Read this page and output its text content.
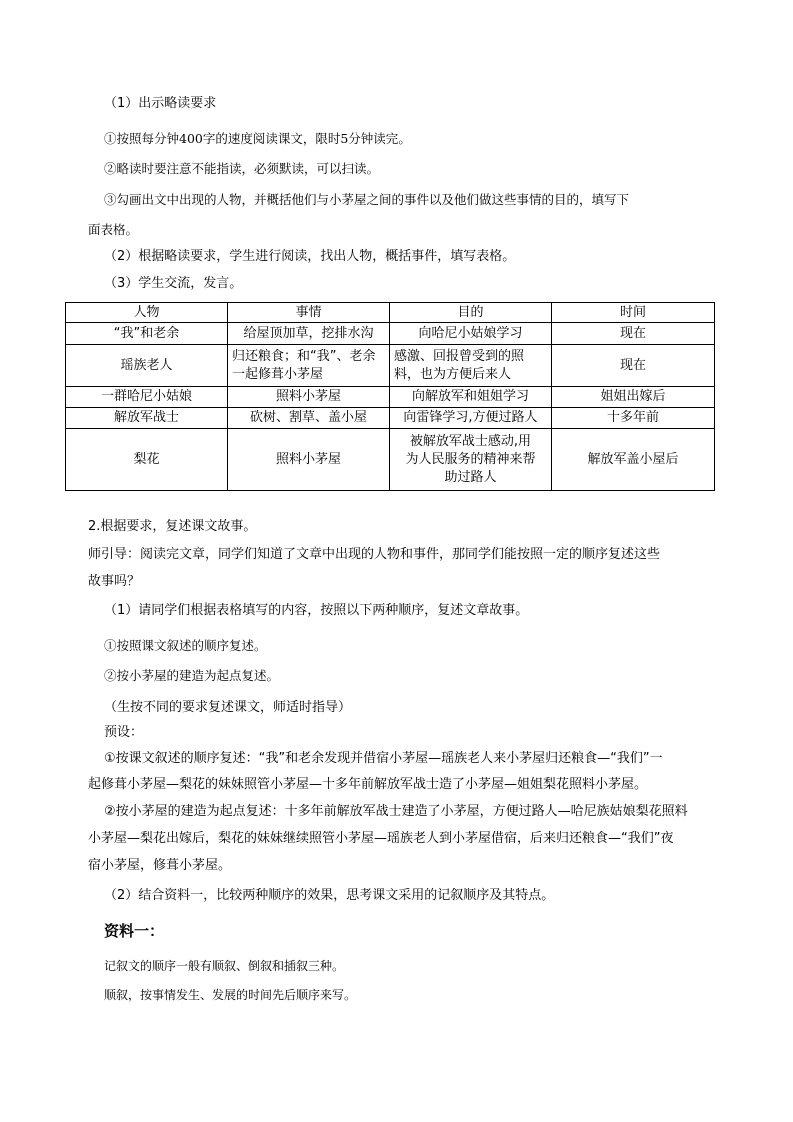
（1）出示略读要求
①按照每分钟400字的速度阅读课文，限时5分钟读完。
②略读时要注意不能指读，必须默读，可以扫读。
③勾画出文中出现的人物，并概括他们与小茅屋之间的事件以及他们做这些事情的目的，填写下
面表格。
（2）根据略读要求，学生进行阅读，找出人物，概括事件，填写表格。
（3）学生交流，发言。
人物	事情	目的	时间
“我”和老余	给屋顶加草，挖排水沟	向哈尼小姑娘学习	现在
瑶族老人	归还粮食；和“我”、老余一起修葺小茅屋	感激、回报曾受到的照料，也为方便后来人	现在
一群哈尼小姑娘	照料小茅屋	向解放军和姐姐学习	姐姐出嫁后
解放军战士	砍树、割草、盖小屋	向雷锋学习,方便过路人	十多年前
梨花	照料小茅屋	被解放军战士感动,用为人民服务的精神来帮助过路人	解放军盖小屋后
2.根据要求，复述课文故事。
师引导：阅读完文章，同学们知道了文章中出现的人物和事件，那同学们能按照一定的顺序复述这些
故事吗？
（1）请同学们根据表格填写的内容，按照以下两种顺序，复述文章故事。
①按照课文叙述的顺序复述。
②按小茅屋的建造为起点复述。
（生按不同的要求复述课文，师适时指导）
预设：
①按课文叙述的顺序复述：“我”和老余发现并借宿小茅屋—瑶族老人来小茅屋归还粮食—“我们”一
起修葺小茅屋—梨花的妹妹照管小茅屋—十多年前解放军战士造了小茅屋—姐姐梨花照料小茅屋。
②按小茅屋的建造为起点复述：十多年前解放军战士建造了小茅屋，方便过路人—哈尼族姑娘梨花照料
小茅屋—梨花出嫁后，梨花的妹妹继续照管小茅屋—瑶族老人到小茅屋借宿，后来归还粮食—“我们”夜
宿小茅屋，修葺小茅屋。
（2）结合资料一，比较两种顺序的效果，思考课文采用的记叙顺序及其特点。
资料一：
记叙文的顺序一般有顺叙、倒叙和插叙三种。
顺叙，按事情发生、发展的时间先后顺序来写。
